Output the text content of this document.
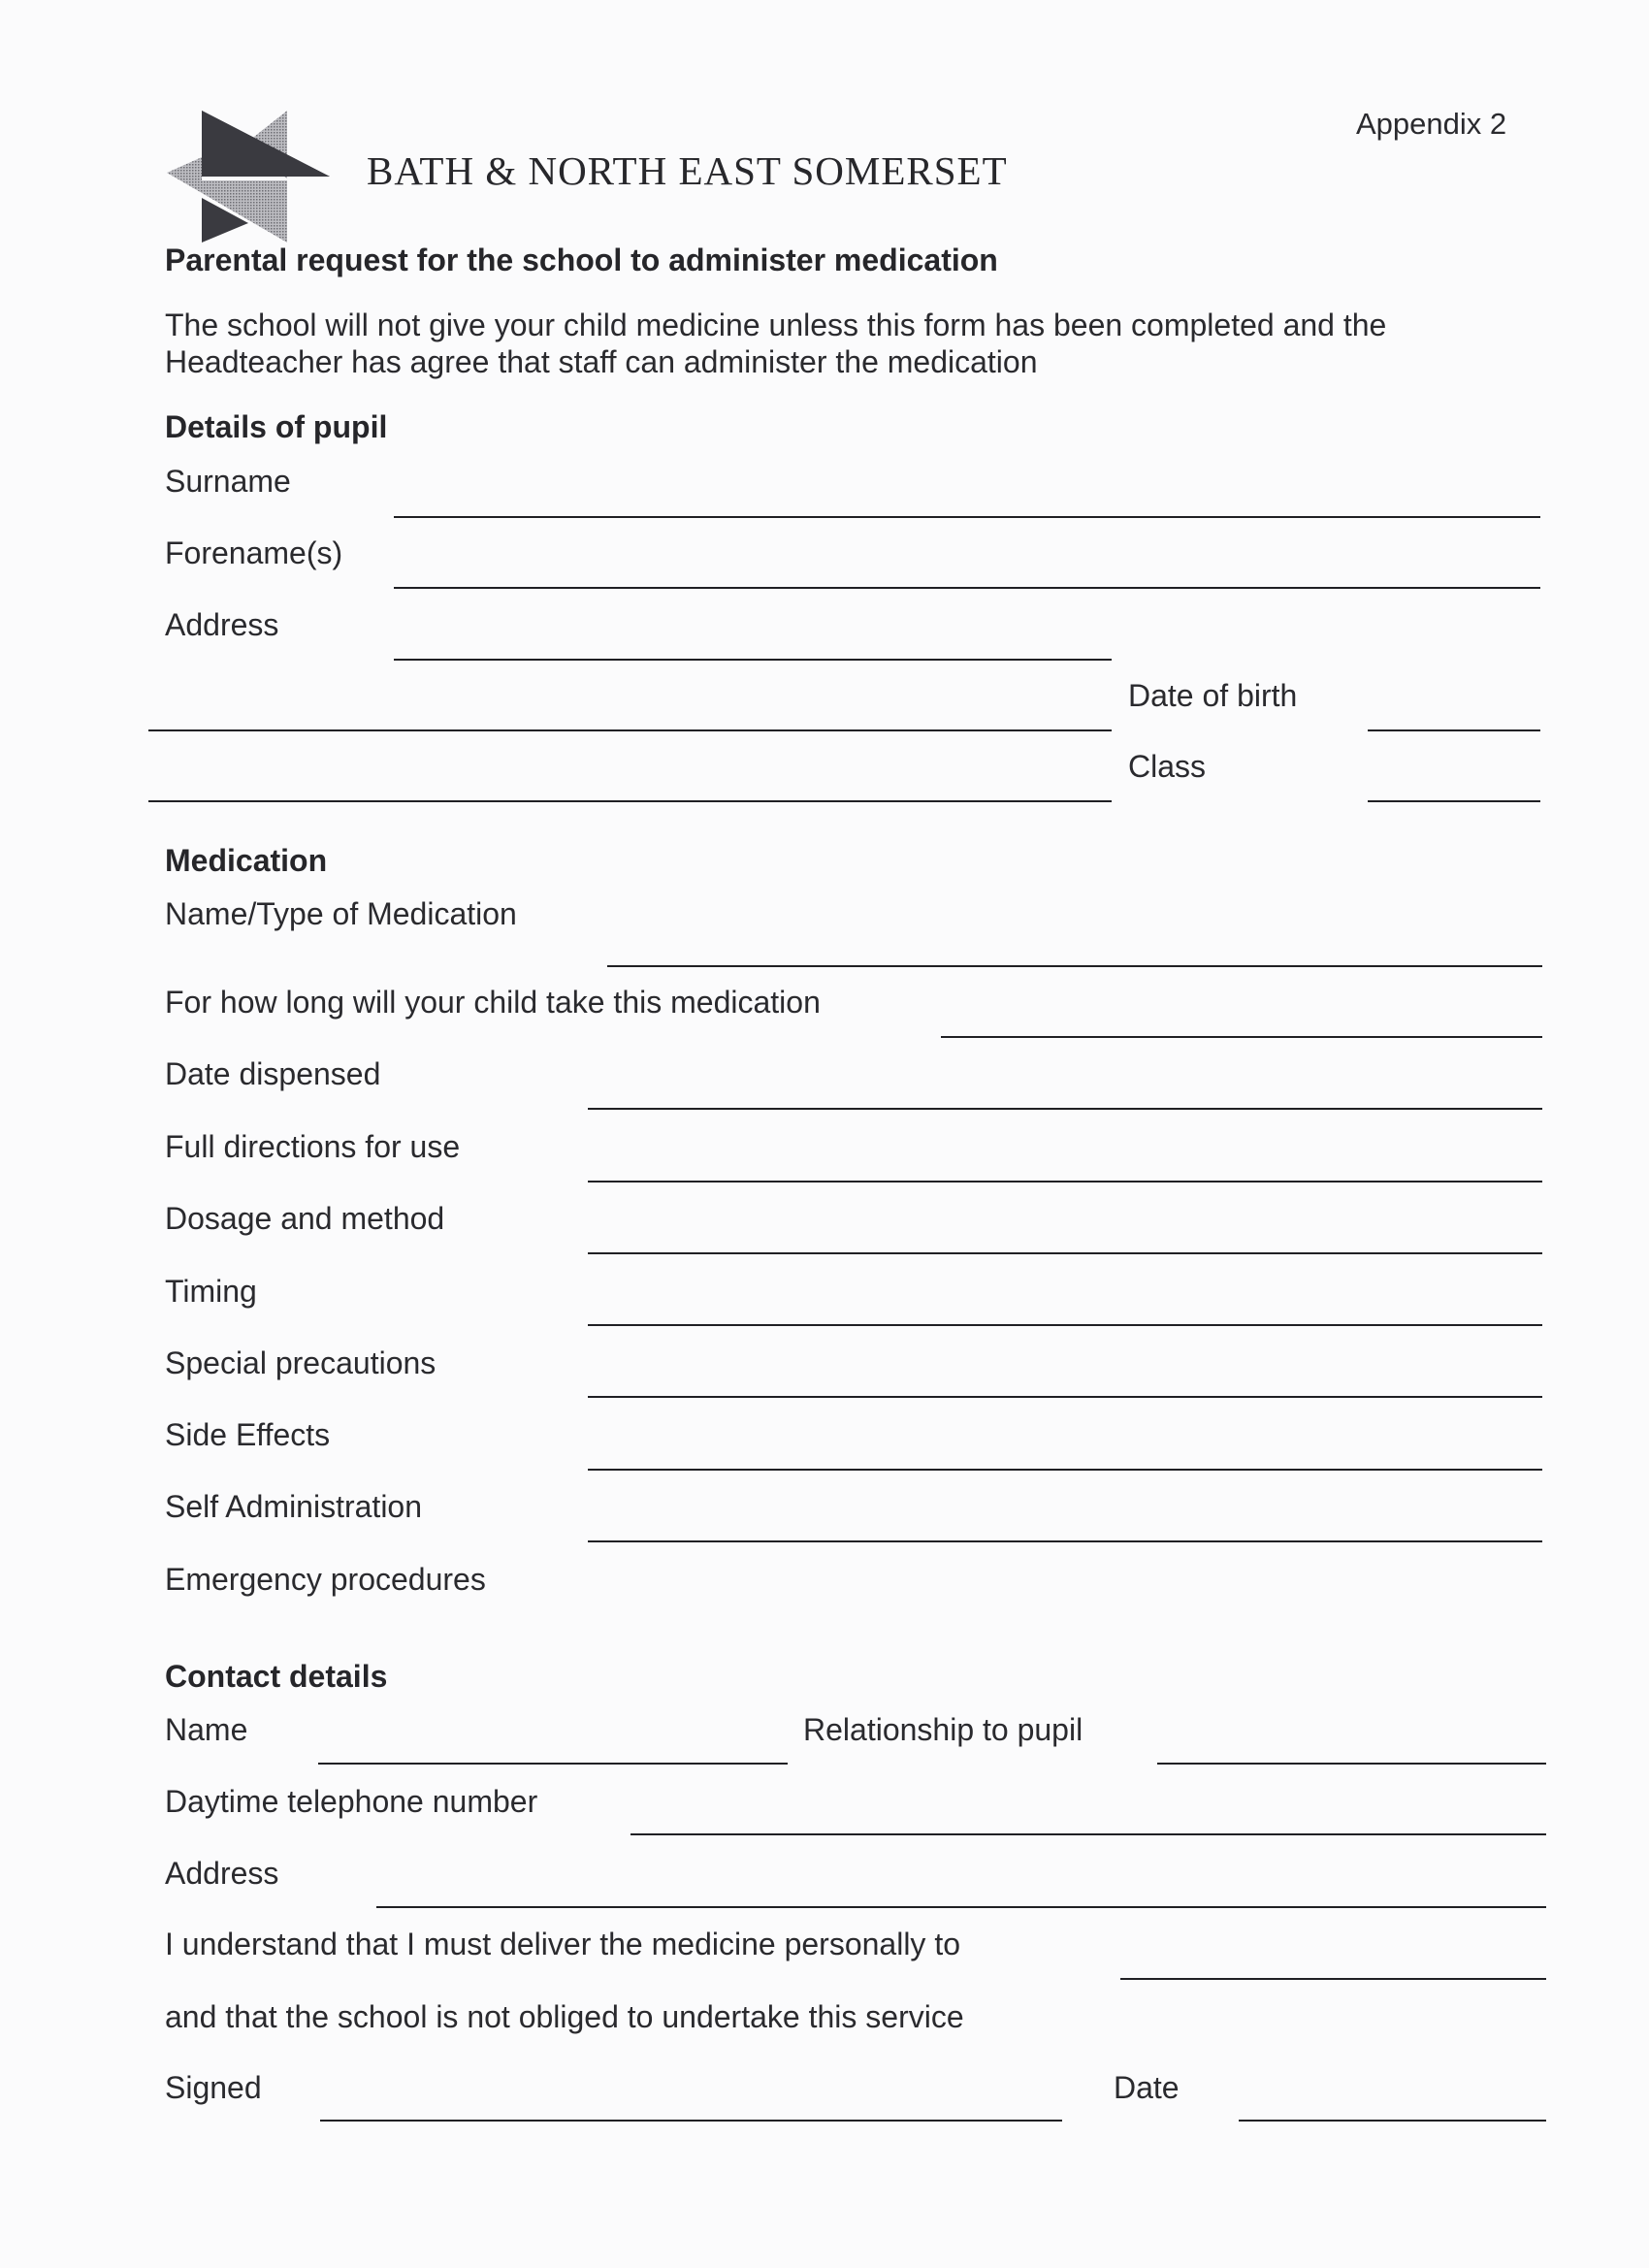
BATH & NORTH EAST SOMERSET
Appendix 2
Parental request for the school to administer medication
The school will not give your child medicine unless this form has been completed and the Headteacher has agree that staff can administer the medication
Details of pupil
Surname
Forename(s)
Address
Date of birth
Class
Medication
Name/Type of Medication
For how long will your child take this medication
Date dispensed
Full directions for use
Dosage and method
Timing
Special precautions
Side Effects
Self Administration
Emergency procedures
Contact details
Name	Relationship to pupil
Daytime telephone number
Address
I understand that I must deliver the medicine personally to
and that the school is not obliged to undertake this service
Signed	Date
